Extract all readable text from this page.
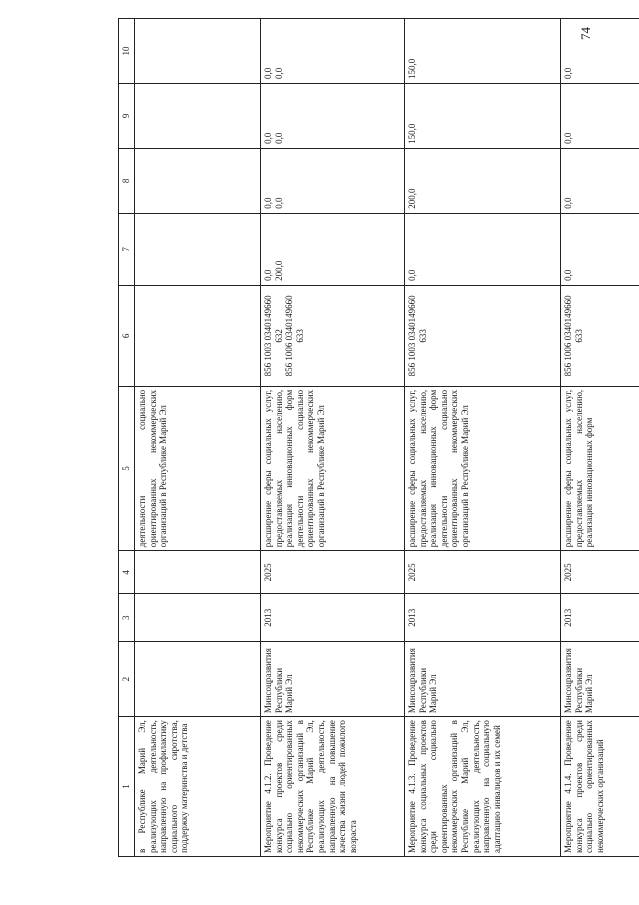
74
1	2	3	4	5	6	7	8	9	10
в Республике Марий Эл, реализующих деятельность, направленную на профилактику социального сиротства, поддержку материнства и детства				деятельности социально ориентированных некоммерческих организаций в Республике Марий Эл					
Мероприятие 4.1.2. Проведение конкурса проектов среди социально ориентированных некоммерческих организаций в Республике Марий Эл, реализующих деятельность, направленную на повышение качества жизни людей пожилого возраста	Минсоцразвития Республики Марий Эл	2013	2025	расширение сферы социальных услуг, предоставляемых населению, реализация инновационных форм деятельности социально ориентированных некоммерческих организаций в Республике Марий Эл	856 1003 0340149660 632 856 1006 0340149660 633	0,0 200,0	0,0 0,0	0,0 0,0	0,0 0,0

Мероприятие 4.1.3. Проведение конкурса социальных проектов среди социально ориентированных некоммерческих организаций в Республике Марий Эл, реализующих деятельность, направленную на социальную адаптацию инвалидов и их семей	Минсоцразвития Республики Марий Эл	2013	2025	расширение сферы социальных услуг, предоставляемых населению, реализация инновационных форм деятельности социально ориентированных некоммерческих организаций в Республике Марий Эл	856 1003 0340149660 633	0,0	200,0	150,0	150,0

Мероприятие 4.1.4. Проведение конкурса проектов среди социально ориентированных некоммерческих организаций	Минсоцразвития Республики Марий Эл	2013	2025	расширение сферы социальных услуг, предоставляемых населению, реализация инновационных форм	856 1006 0340149660 633	0,0	0,0	0,0	0,0
